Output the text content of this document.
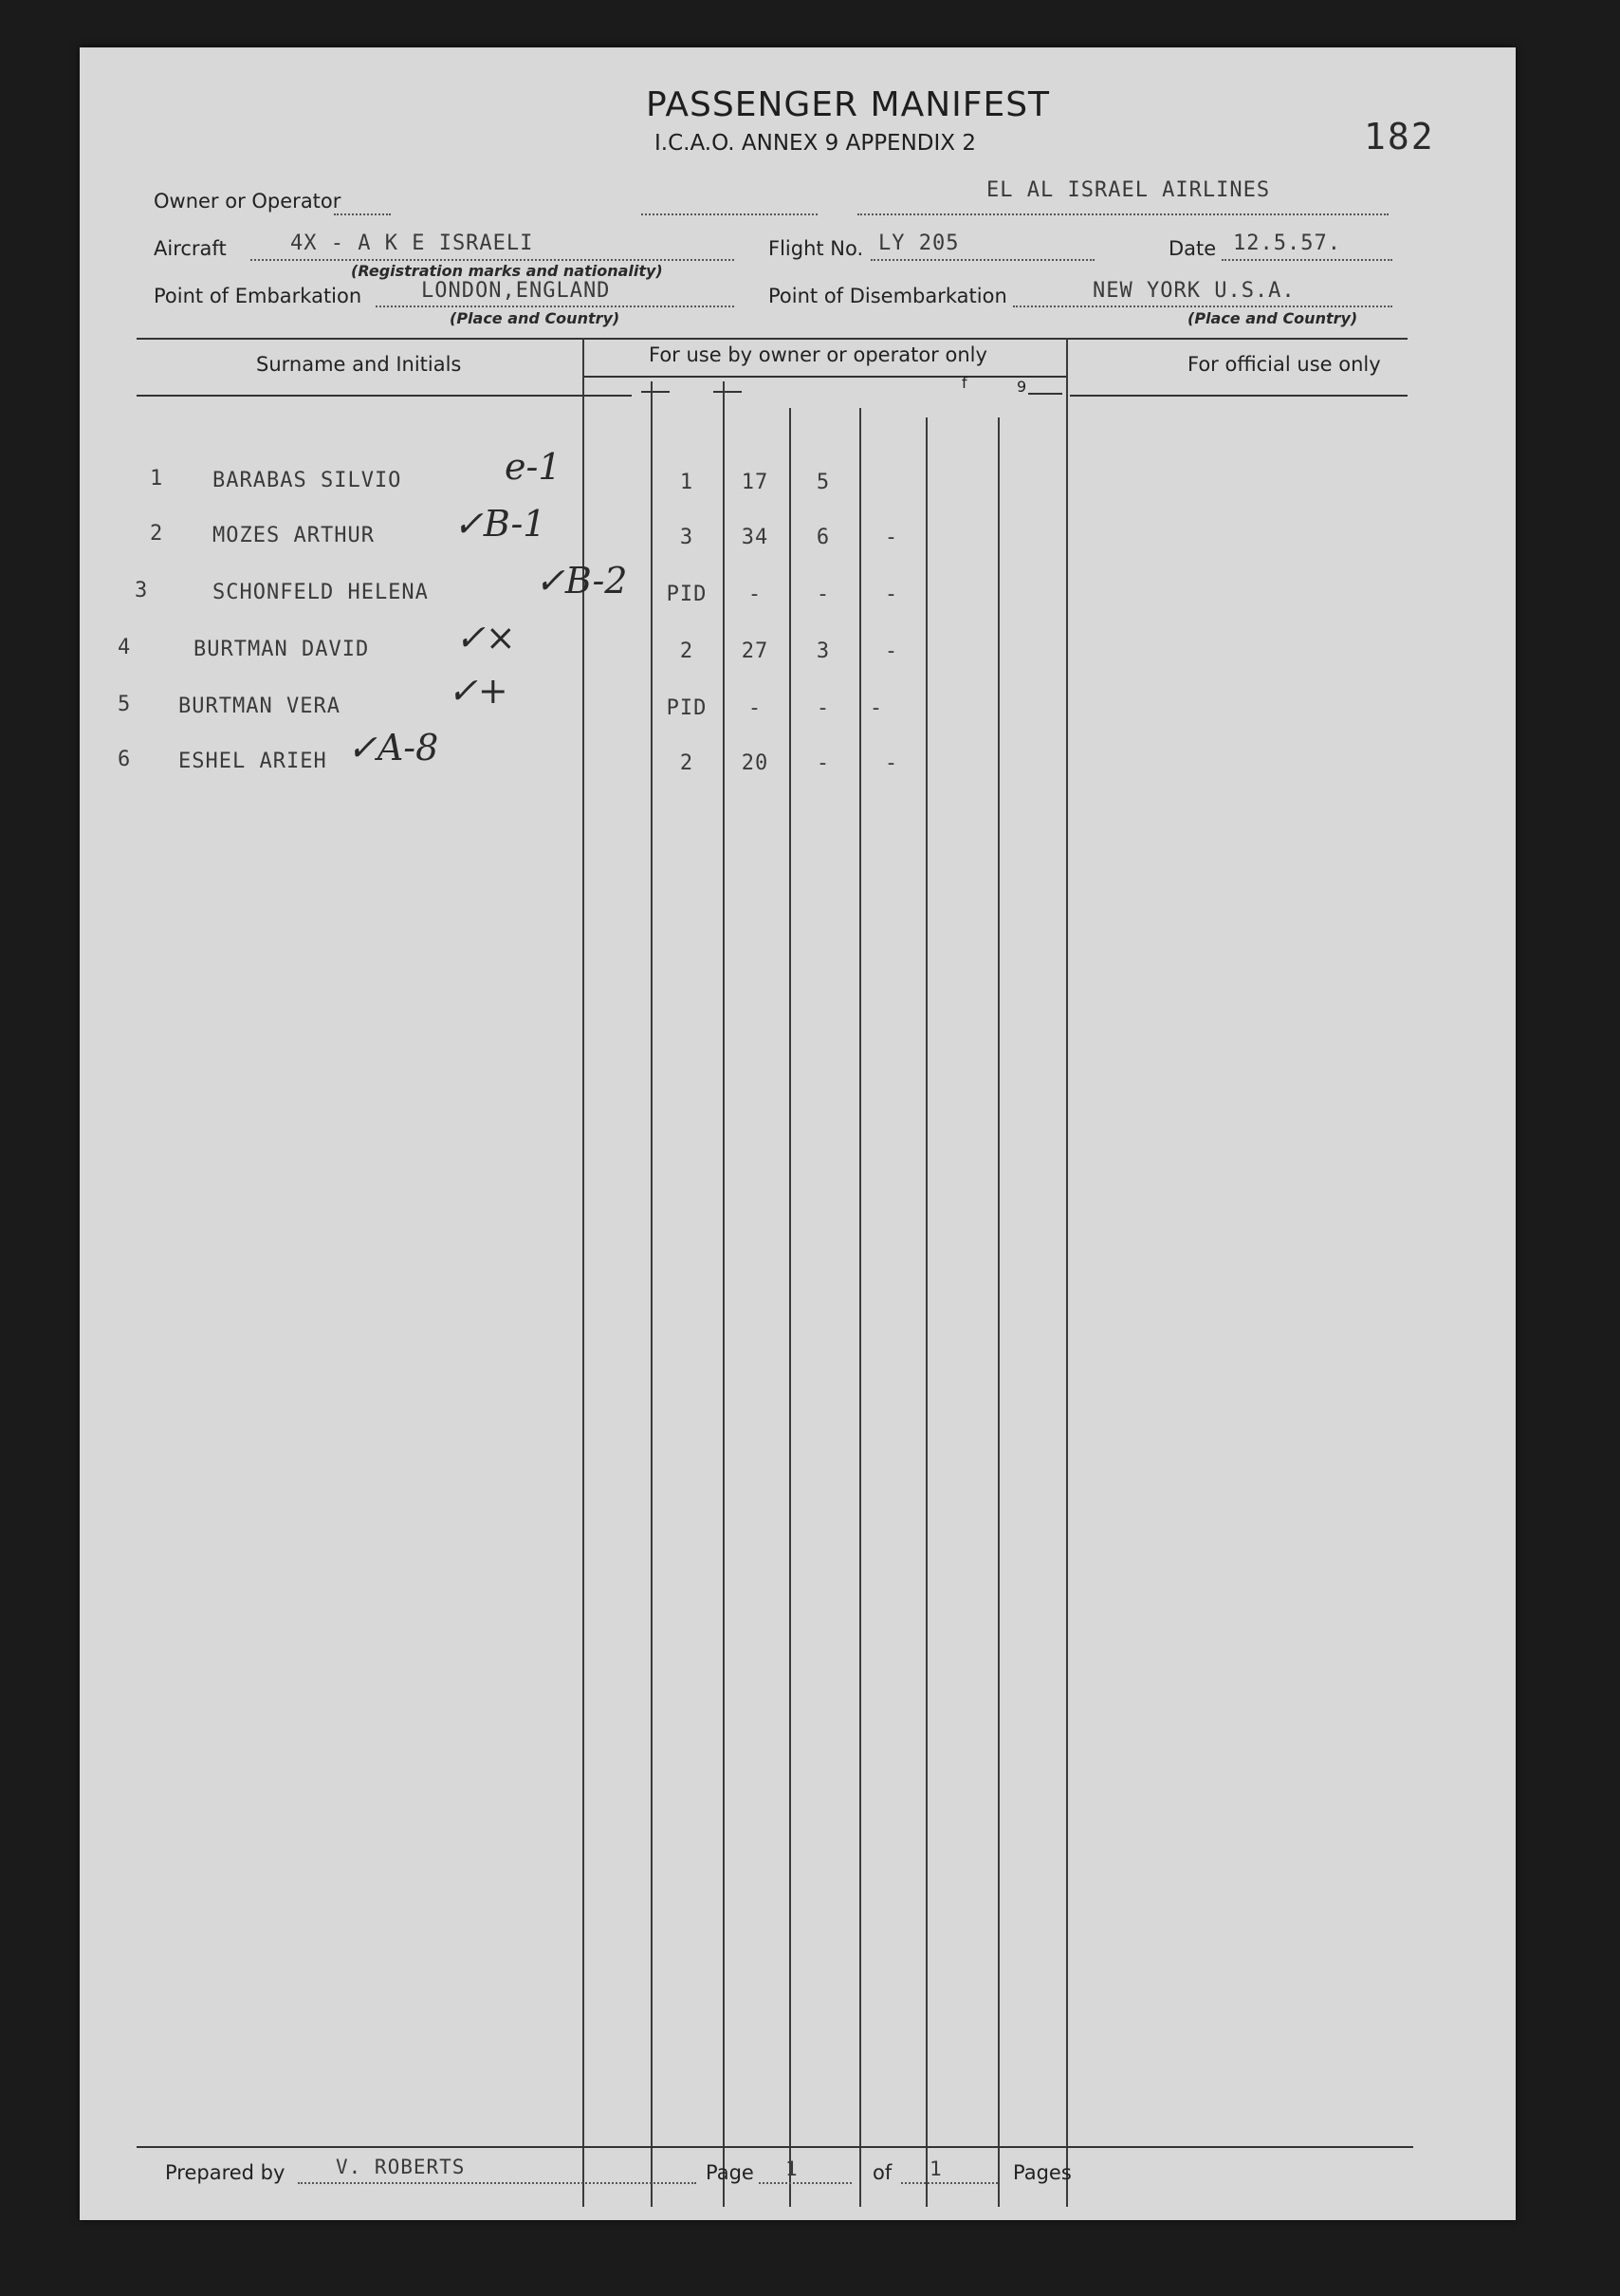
PASSENGER MANIFEST
I.C.A.O. ANNEX 9 APPENDIX 2	182
Owner or Operator	EL AL ISRAEL AIRLINES
Aircraft	4X - A K E ISRAELI
(Registration marks and nationality)
Flight No. LY 205	Date 12.5.57.
Point of Embarkation	LONDON,ENGLAND
(Place and Country)
Point of Disembarkation	NEW YORK U.S.A.
(Place and Country)
Surname and Initials	For use by owner or operator only	For official use only
f	9
1 BARABAS SILVIO	e-1	1	17	5
2 MOZES ARTHUR ✓B-1	3	34	6	-
3	SCHONFELD HELENA	✓B-2	PID	-	-	-
4	BURTMAN DAVID ✓×	2	27	3	-
5 BURTMAN VERA	✓+	PID	-	-	-
6 ESHEL ARIEH ✓A-8	2	20	-	-
Prepared by	V. ROBERTS	Page 1	of 1	Pages
